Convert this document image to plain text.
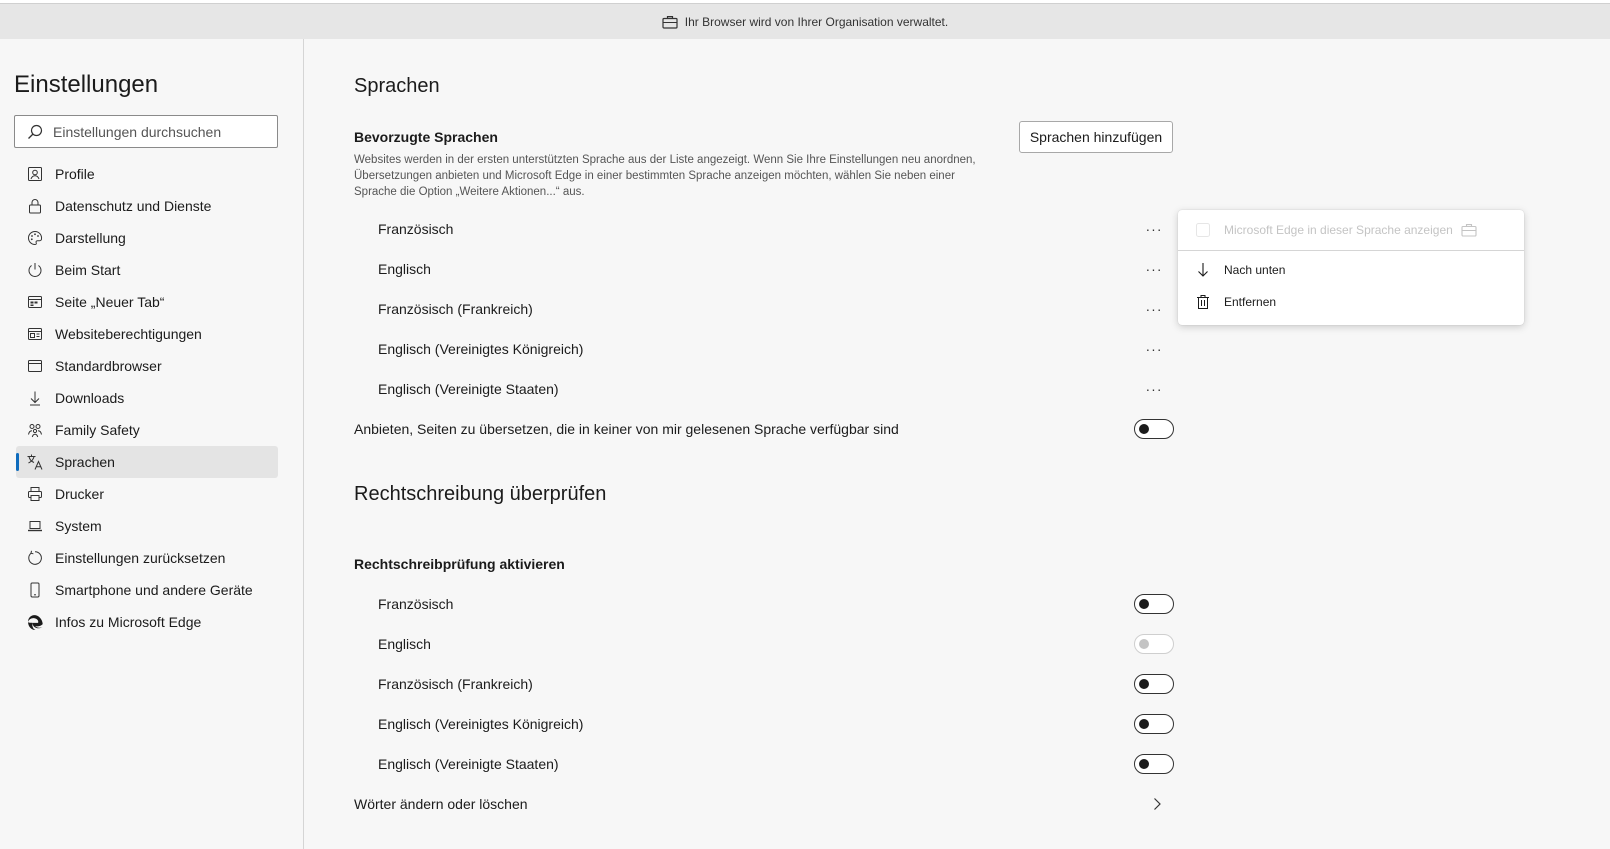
Ihr Browser wird von Ihrer Organisation verwaltet.
Einstellungen
Einstellungen durchsuchen
Profile
Datenschutz und Dienste
Darstellung
Beim Start
Seite „Neuer Tab“
Websiteberechtigungen
Standardbrowser
Downloads
Family Safety
Sprachen
Drucker
System
Einstellungen zurücksetzen
Smartphone und andere Geräte
Infos zu Microsoft Edge
Sprachen
Bevorzugte Sprachen
Websites werden in der ersten unterstützten Sprache aus der Liste angezeigt. Wenn Sie Ihre Einstellungen neu anordnen, Übersetzungen anbieten und Microsoft Edge in einer bestimmten Sprache anzeigen möchten, wählen Sie neben einer Sprache die Option „Weitere Aktionen...“ aus.
Sprachen hinzufügen
Französisch	···
Englisch	···
Französisch (Frankreich)	···
Englisch (Vereinigtes Königreich)	···
Englisch (Vereinigte Staaten)	···
Anbieten, Seiten zu übersetzen, die in keiner von mir gelesenen Sprache verfügbar sind
Rechtschreibung überprüfen
Rechtschreibprüfung aktivieren
Französisch
Englisch
Französisch (Frankreich)
Englisch (Vereinigtes Königreich)
Englisch (Vereinigte Staaten)
Wörter ändern oder löschen
Microsoft Edge in dieser Sprache anzeigen
Nach unten
Entfernen
